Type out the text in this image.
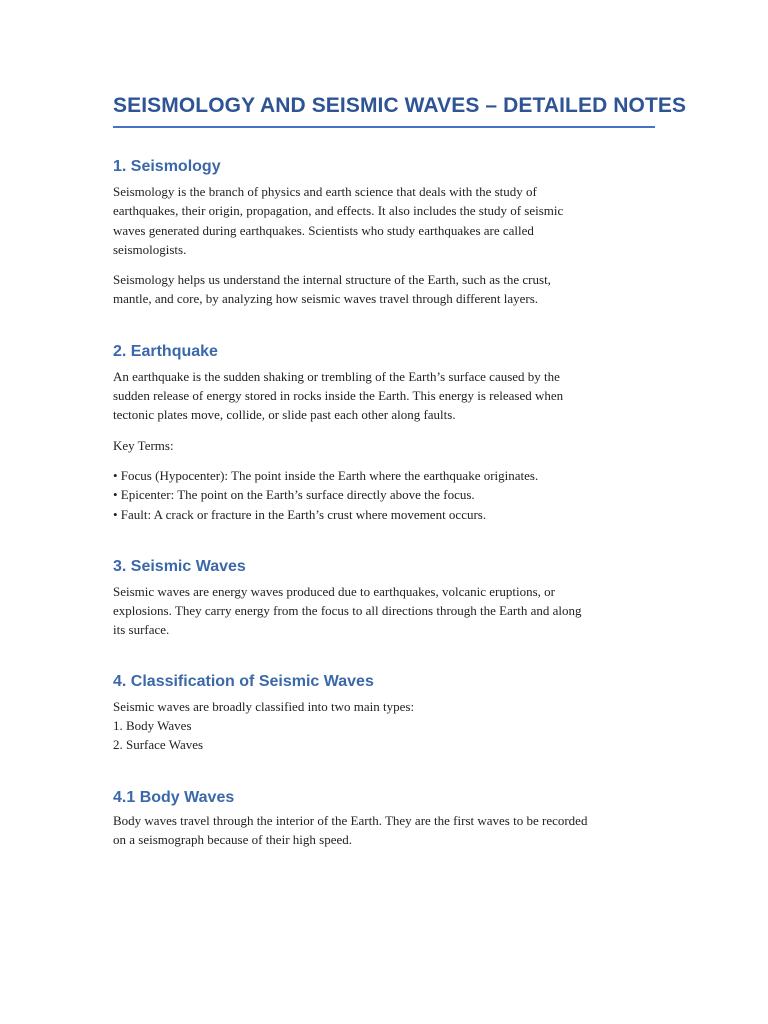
SEISMOLOGY AND SEISMIC WAVES – DETAILED NOTES
1. Seismology

Seismology is the branch of physics and earth science that deals with the study of
earthquakes, their origin, propagation, and effects. It also includes the study of seismic
waves generated during earthquakes. Scientists who study earthquakes are called
seismologists.

Seismology helps us understand the internal structure of the Earth, such as the crust,
mantle, and core, by analyzing how seismic waves travel through different layers.

2. Earthquake

An earthquake is the sudden shaking or trembling of the Earth’s surface caused by the
sudden release of energy stored in rocks inside the Earth. This energy is released when
tectonic plates move, collide, or slide past each other along faults.

Key Terms:

• Focus (Hypocenter): The point inside the Earth where the earthquake originates.
• Epicenter: The point on the Earth’s surface directly above the focus.
• Fault: A crack or fracture in the Earth’s crust where movement occurs.

3. Seismic Waves

Seismic waves are energy waves produced due to earthquakes, volcanic eruptions, or
explosions. They carry energy from the focus to all directions through the Earth and along
its surface.

4. Classification of Seismic Waves

Seismic waves are broadly classified into two main types:
1. Body Waves
2. Surface Waves

4.1 Body Waves

Body waves travel through the interior of the Earth. They are the first waves to be recorded
on a seismograph because of their high speed.
